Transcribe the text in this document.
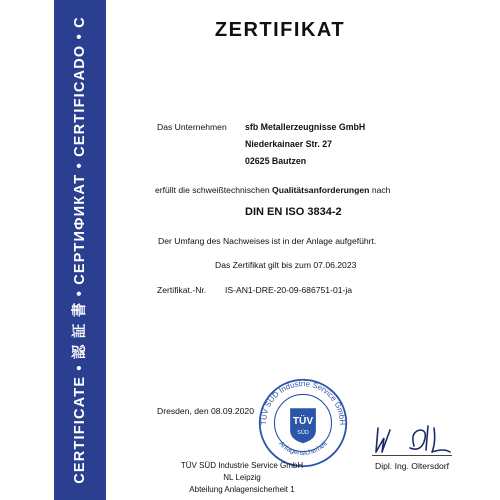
CERTIFICATE • 認 証 書 • СЕРТИФИКАТ • CERTIFICADO • C	ZERTIFIKAT
Das Unternehmen sfb Metallerzeugnisse GmbH
Niederkainaer Str. 27
02625 Bautzen
erfüllt die schweißtechnischen Qualitätsanforderungen nach
DIN EN ISO 3834-2
Der Umfang des Nachweises ist in der Anlage aufgeführt.
Das Zertifikat gilt bis zum 07.06.2023
Zertifikat.-Nr. IS-AN1-DRE-20-09-686751-01-ja
Dresden, den 08.09.2020
TÜV SÜD Industrie Service GmbH
Anlagensicherheit
TÜV
SÜD
TÜV SÜD Industrie Service GmbH
NL Leipzig
Abteilung Anlagensicherheit 1
Dipl. Ing. Oltersdorf
